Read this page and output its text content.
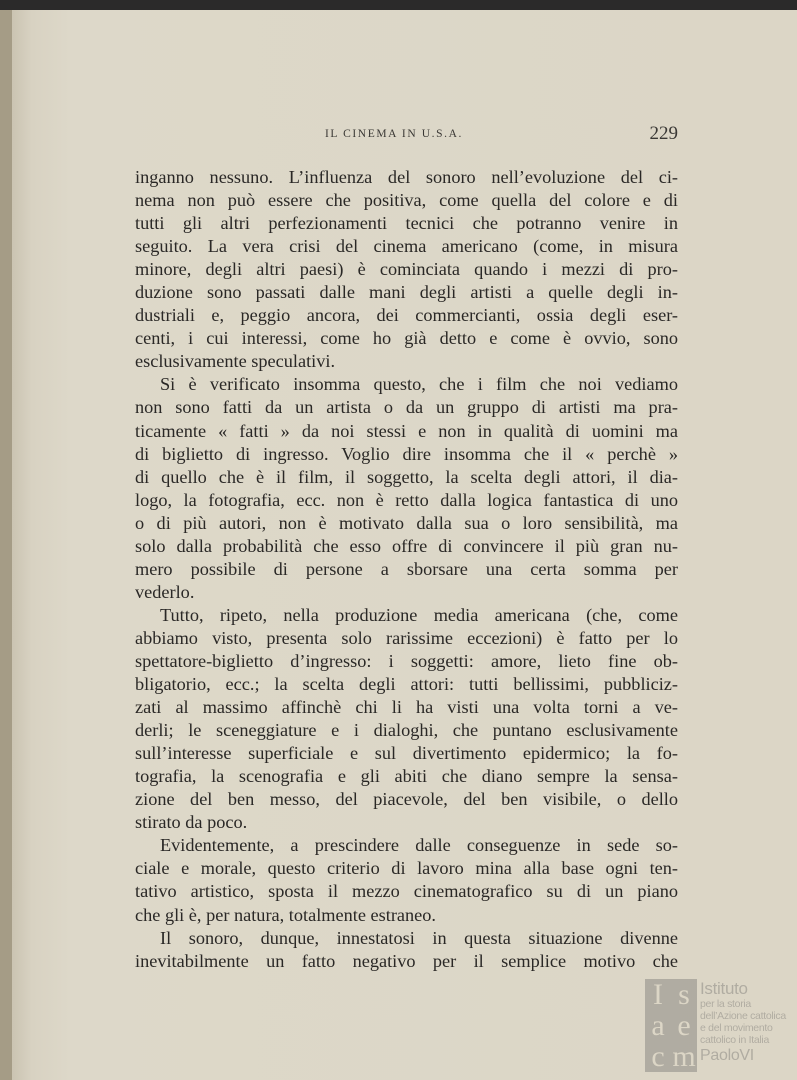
IL CINEMA IN U.S.A.	229
inganno nessuno. L’influenza del sonoro nell’evoluzione del ci-
nema non può essere che positiva, come quella del colore e di
tutti gli altri perfezionamenti tecnici che potranno venire in
seguito. La vera crisi del cinema americano (come, in misura
minore, degli altri paesi) è cominciata quando i mezzi di pro-
duzione sono passati dalle mani degli artisti a quelle degli in-
dustriali e, peggio ancora, dei commercianti, ossia degli eser-
centi, i cui interessi, come ho già detto e come è ovvio, sono
esclusivamente speculativi.
Si è verificato insomma questo, che i film che noi vediamo
non sono fatti da un artista o da un gruppo di artisti ma pra-
ticamente « fatti » da noi stessi e non in qualità di uomini ma
di biglietto di ingresso. Voglio dire insomma che il « perchè »
di quello che è il film, il soggetto, la scelta degli attori, il dia-
logo, la fotografia, ecc. non è retto dalla logica fantastica di uno
o di più autori, non è motivato dalla sua o loro sensibilità, ma
solo dalla probabilità che esso offre di convincere il più gran nu-
mero possibile di persone a sborsare una certa somma per
vederlo.
Tutto, ripeto, nella produzione media americana (che, come
abbiamo visto, presenta solo rarissime eccezioni) è fatto per lo
spettatore-biglietto d’ingresso: i soggetti: amore, lieto fine ob-
bligatorio, ecc.; la scelta degli attori: tutti bellissimi, pubbliciz-
zati al massimo affinchè chi li ha visti una volta torni a ve-
derli; le sceneggiature e i dialoghi, che puntano esclusivamente
sull’interesse superficiale e sul divertimento epidermico; la fo-
tografia, la scenografia e gli abiti che diano sempre la sensa-
zione del ben messo, del piacevole, del ben visibile, o dello
stirato da poco.
Evidentemente, a prescindere dalle conseguenze in sede so-
ciale e morale, questo criterio di lavoro mina alla base ogni ten-
tativo artistico, sposta il mezzo cinematografico su di un piano
che gli è, per natura, totalmente estraneo.
Il sonoro, dunque, innestatosi in questa situazione divenne
inevitabilmente un fatto negativo per il semplice motivo che
I s
a e
c m
Istituto
per la storia
dell’Azione cattolica
e del movimento
cattolico in Italia
PaoloVI
